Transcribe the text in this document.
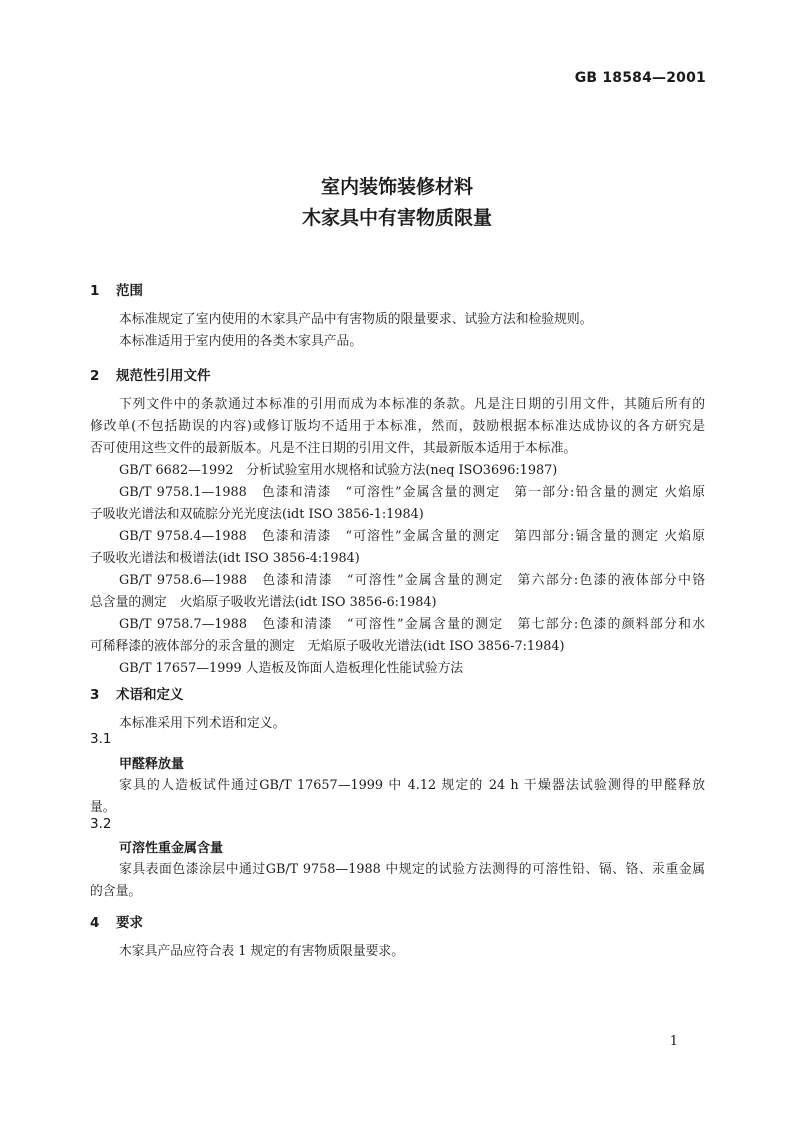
GB 18584—2001
室内装饰装修材料
木家具中有害物质限量
1 范围
本标准规定了室内使用的木家具产品中有害物质的限量要求、试验方法和检验规则。
本标准适用于室内使用的各类木家具产品。
2 规范性引用文件
下列文件中的条款通过本标准的引用而成为本标准的条款。凡是注日期的引用文件，其随后所有的
修改单(不包括勘误的内容)或修订版均不适用于本标准，然而，鼓励根据本标准达成协议的各方研究是
否可使用这些文件的最新版本。凡是不注日期的引用文件，其最新版本适用于本标准。
GB/T 6682—1992　分析试验室用水规格和试验方法(neq ISO3696:1987)
GB/T 9758.1—1988　色漆和清漆　“可溶性”金属含量的测定　第一部分:铅含量的测定 火焰原
子吸收光谱法和双硫腙分光光度法(idt ISO 3856-1:1984)
GB/T 9758.4—1988　色漆和清漆　“可溶性”金属含量的测定　第四部分:镉含量的测定 火焰原
子吸收光谱法和极谱法(idt ISO 3856-4:1984)
GB/T 9758.6—1988　色漆和清漆　“可溶性”金属含量的测定　第六部分:色漆的液体部分中铬
总含量的测定　火焰原子吸收光谱法(idt ISO 3856-6:1984)
GB/T 9758.7—1988　色漆和清漆　“可溶性”金属含量的测定　第七部分:色漆的颜料部分和水
可稀释漆的液体部分的汞含量的测定　无焰原子吸收光谱法(idt ISO 3856-7:1984)
GB/T 17657—1999 人造板及饰面人造板理化性能试验方法
3 术语和定义
本标准采用下列术语和定义。
3.1
甲醛释放量
家具的人造板试件通过GB/T 17657—1999 中 4.12 规定的 24 h 干燥器法试验测得的甲醛释放
量。
3.2
可溶性重金属含量
家具表面色漆涂层中通过GB/T 9758—1988 中规定的试验方法测得的可溶性铅、镉、铬、汞重金属
的含量。
4 要求
木家具产品应符合表 1 规定的有害物质限量要求。
1
